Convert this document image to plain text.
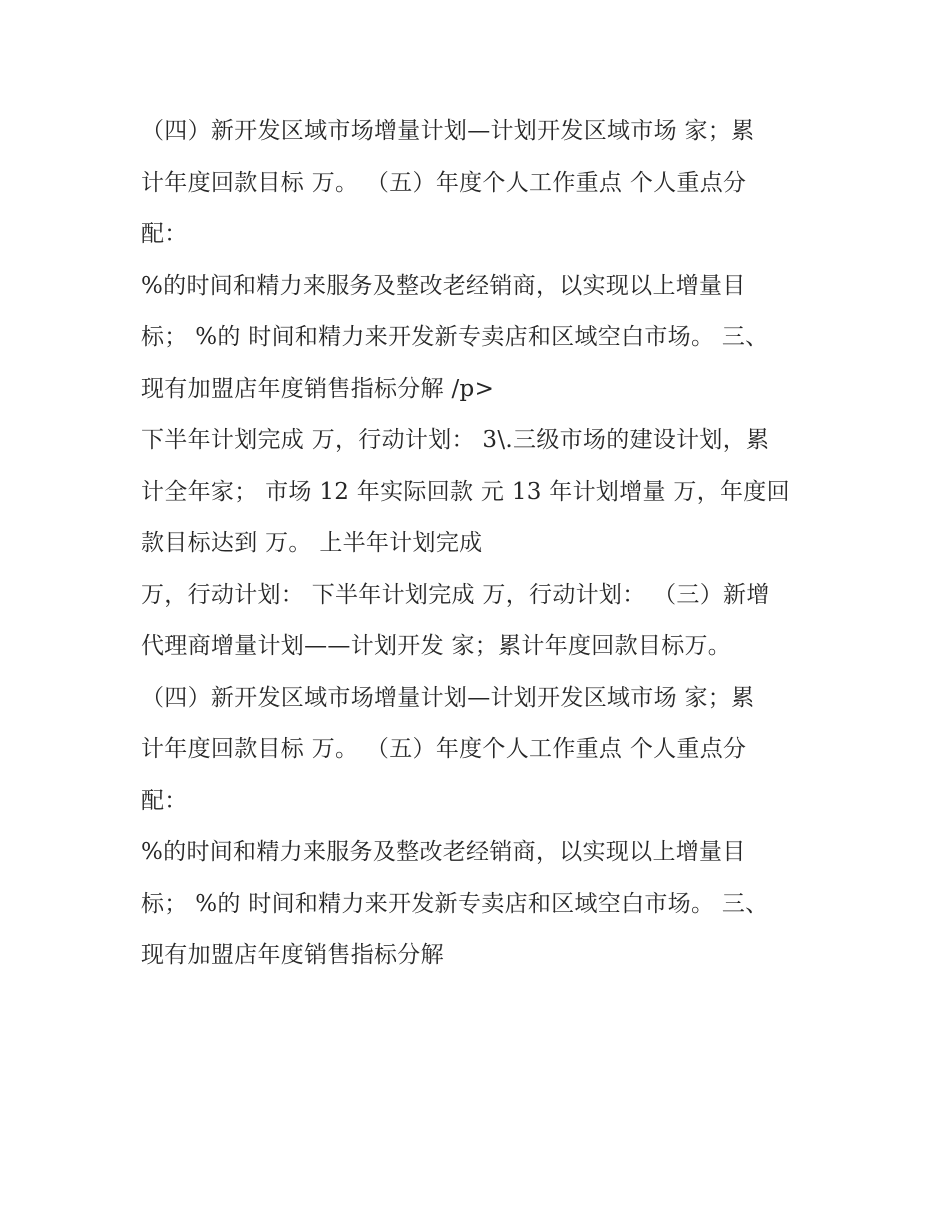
（四）新开发区域市场增量计划—计划开发区域市场 家；累
计年度回款目标 万。 （五）年度个人工作重点 个人重点分
配：
%的时间和精力来服务及整改老经销商，以实现以上增量目
标； %的 时间和精力来开发新专卖店和区域空白市场。 三、
现有加盟店年度销售指标分解 /p>
下半年计划完成 万，行动计划： 3\.三级市场的建设计划，累
计全年家； 市场 12 年实际回款 元 13 年计划增量 万，年度回
款目标达到 万。 上半年计划完成
万，行动计划： 下半年计划完成 万，行动计划： （三）新增
代理商增量计划——计划开发 家；累计年度回款目标万。
（四）新开发区域市场增量计划—计划开发区域市场 家；累
计年度回款目标 万。 （五）年度个人工作重点 个人重点分
配：
%的时间和精力来服务及整改老经销商，以实现以上增量目
标； %的 时间和精力来开发新专卖店和区域空白市场。 三、
现有加盟店年度销售指标分解
